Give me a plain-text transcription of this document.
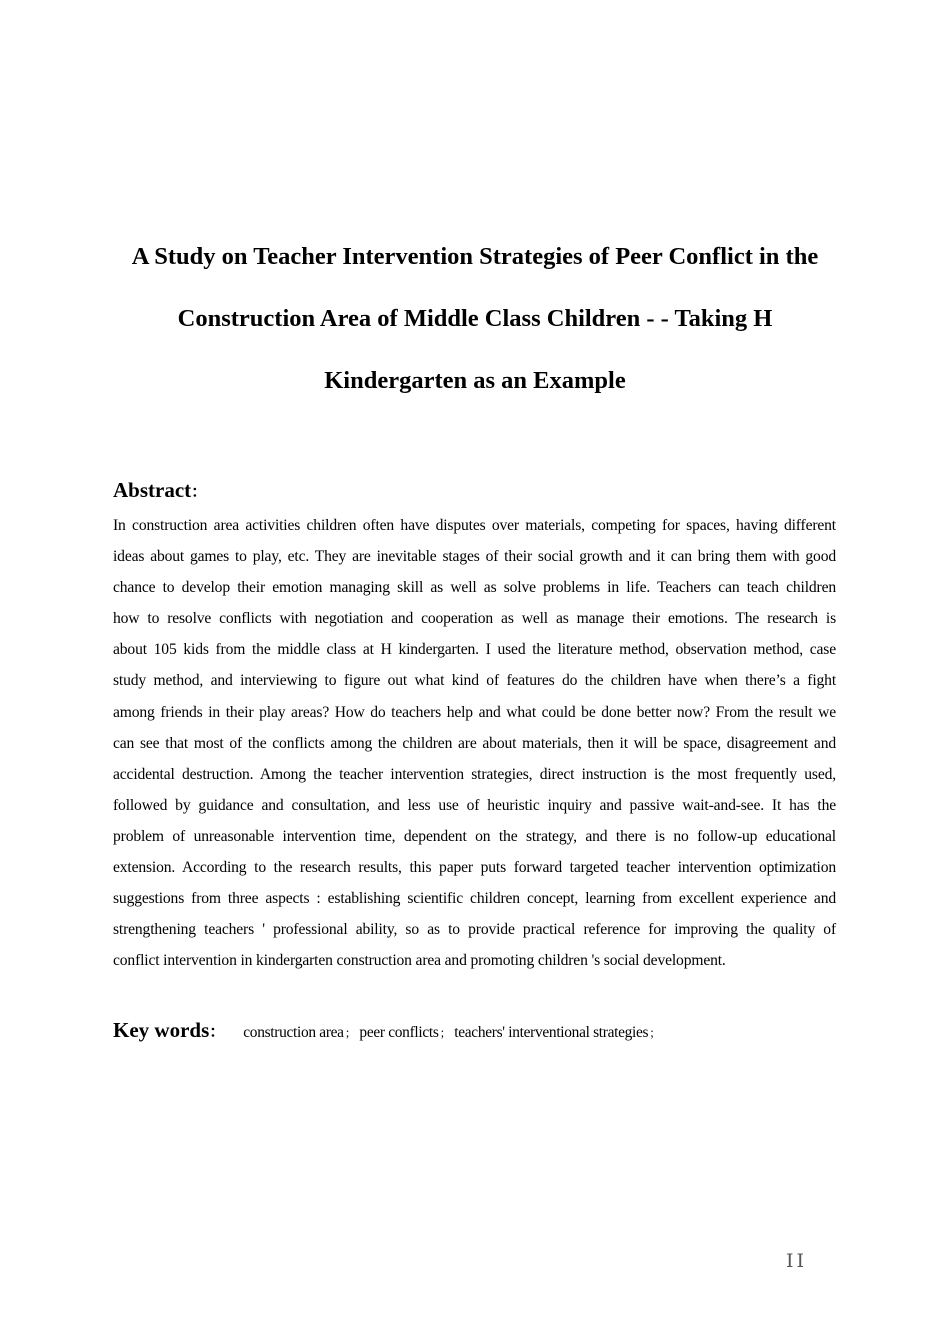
A Study on Teacher Intervention Strategies of Peer Conflict in the
Construction Area of Middle Class Children - - Taking H
Kindergarten as an Example
Abstract：
In construction area activities children often have disputes over materials, competing for spaces, having different
ideas about games to play, etc. They are inevitable stages of their social growth and it can bring them with good
chance to develop their emotion managing skill as well as solve problems in life. Teachers can teach children
how to resolve conflicts with negotiation and cooperation as well as manage their emotions. The research is
about 105 kids from the middle class at H kindergarten. I used the literature method, observation method, case
study method, and interviewing to figure out what kind of features do the children have when there’s a fight
among friends in their play areas? How do teachers help and what could be done better now? From the result we
can see that most of the conflicts among the children are about materials, then it will be space, disagreement and
accidental destruction. Among the teacher intervention strategies, direct instruction is the most frequently used,
followed by guidance and consultation, and less use of heuristic inquiry and passive wait-and-see. It has the
problem of unreasonable intervention time, dependent on the strategy, and there is no follow-up educational
extension. According to the research results, this paper puts forward targeted teacher intervention optimization
suggestions from three aspects : establishing scientific children concept, learning from excellent experience and
strengthening teachers ' professional ability, so as to provide practical reference for improving the quality of
conflict intervention in kindergarten construction area and promoting children 's social development.
Key words： construction area； peer conflicts； teachers' interventional strategies；
II
